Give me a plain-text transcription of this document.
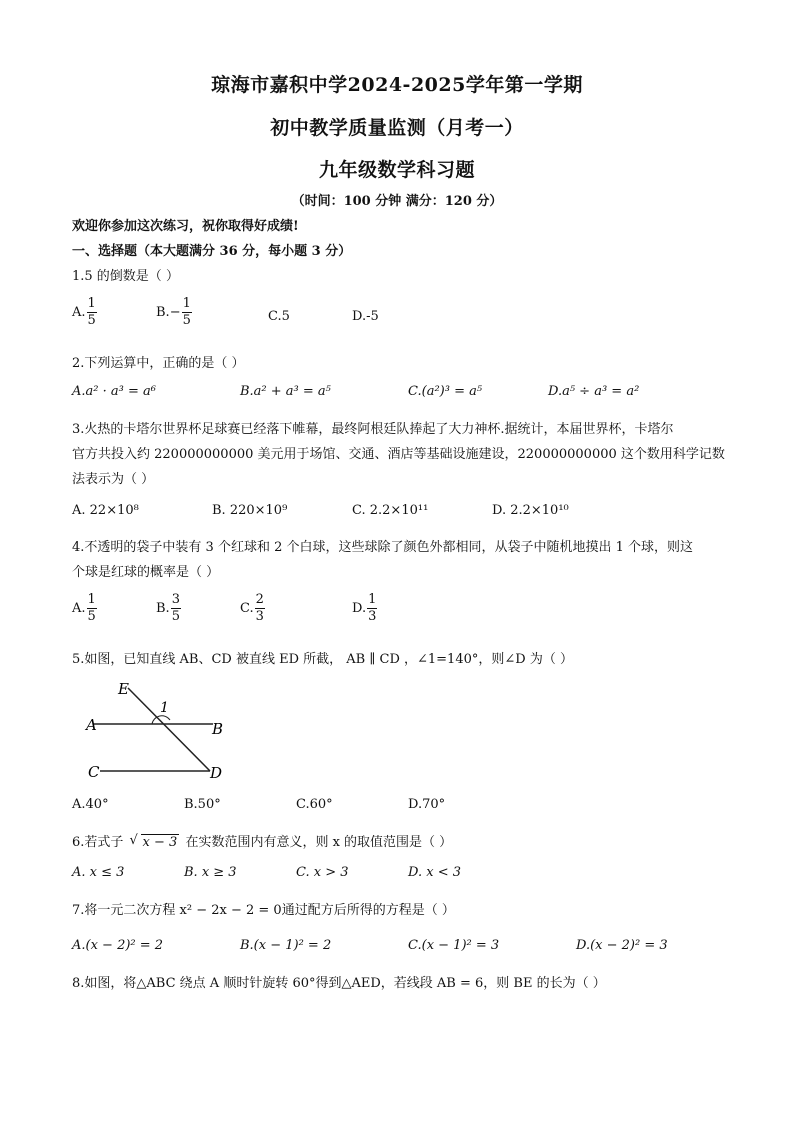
琼海市嘉积中学2024-2025学年第一学期
初中教学质量监测（月考一）
九年级数学科习题
（时间：100 分钟 满分：120 分）
欢迎你参加这次练习，祝你取得好成绩!
一、选择题（本大题满分 36 分，每小题 3 分）
1.5 的倒数是（ ）
A. $\frac{1}{5}$	$B.- \frac{1}{5}$	C.5	D.-5
2.下列运算中，正确的是（ ）
A.a² · a³ = a⁶	B.a² + a³ = a⁵	C.(a²)³ = a⁵	D.a⁵ ÷ a³ = a²
3.火热的卡塔尔世界杯足球赛已经落下帷幕，最终阿根廷队捧起了大力神杯.据统计，本届世界杯，卡塔尔
官方共投入约 220000000000 美元用于场馆、交通、酒店等基础设施建设，220000000000 这个数用科学记数
法表示为（ ）
A. 22×10⁸	B. 220×10⁹	C. 2.2×10¹¹	D. 2.2×10¹⁰
4.不透明的袋子中装有 3 个红球和 2 个白球，这些球除了颜色外都相同，从袋子中随机地摸出 1 个球，则这
个球是红球的概率是（ ）
A. $\frac{1}{5}$	B. $\frac{3}{5}$	C. $\frac{2}{3}$	D. $\frac{1}{3}$
5.如图，已知直线 AB、CD 被直线 ED 所截， AB ∥ CD ，∠1=140°，则∠D 为（ ）
E
1
A	B
C	D
A.40°	B.50°	C.60°	D.70°
6.若式子 √ x − 3 在实数范围内有意义，则 x 的取值范围是（ ）
A. x ≤ 3	B. x ≥ 3	C. x > 3	D. x < 3
7.将一元二次方程 x² − 2x − 2 = 0通过配方后所得的方程是（ ）
A.(x − 2)² = 2	B.(x − 1)² = 2	C.(x − 1)² = 3	D.(x − 2)² = 3
8.如图，将△ABC 绕点 A 顺时针旋转 60°得到△AED，若线段 AB = 6，则 BE 的长为（ ）
